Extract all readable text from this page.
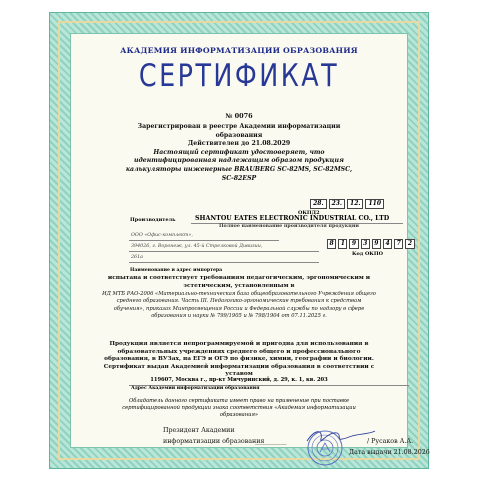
АКАДЕМИЯ ИНФОРМАТИЗАЦИИ ОБРАЗОВАНИЯ

СЕРТИФИКАТ

№ 0076

Зарегистрирован в реестре Академии информатизации образования
Действителен до 21.08.2029
Настоящий сертификат удостоверяет, что идентифицированная надлежащим образом продукция калькуляторы инженерные BRAUBERG SC-82MS, SC-82MSC, SC-82ESP
28.	23.	12.	110

ОКПД2

Производитель	SHANTOU EATES ELECTRONIC INDUSTRIAL CO., LTD

Полное наименование производителя продукции

ООО «Офис-комплект»,

394026, г. Воронеж, ул. 45-й Стрелковой Дивизии,

261а

8	1	9	3	9	4	7	2

Код ОКПО

Наименование и адрес импортера

испытана и соответствует требованиям педагогическим, эргономическим и эстетическим, установленным в
ИД МТБ РАО-2006 «Материально-техническая база общеобразовательного Учреждения общего среднего образования. Часть III. Педагогико-эргономические требования к средствам обучения», приказах Минпросвещения России и Федеральной службы по надзору в сфере образования и науки № 799/1905 и № 798/1904 от 07.11.2025 г.
Продукция является непрограммируемой и пригодна для использования в образовательных учреждениях среднего общего и профессионального образования, в ВУЗах, на ЕГЭ и ОГЭ по физике, химии, географии и биологии. Сертификат выдан Академией информатизации образования в соответствии с уставом

119607, Москва г., пр-кт Мичуринский, д. 29, к. 1, кв. 203

Адрес Академии информатизации образования

Обладатель данного сертификата имеет право на применение при поставке сертифицированной продукции знака соответствия «Академия информатизации образования»

Президент Академии

информатизации образования

__________	/ Русаков А.А.

Дата выдачи 21.08.2026
